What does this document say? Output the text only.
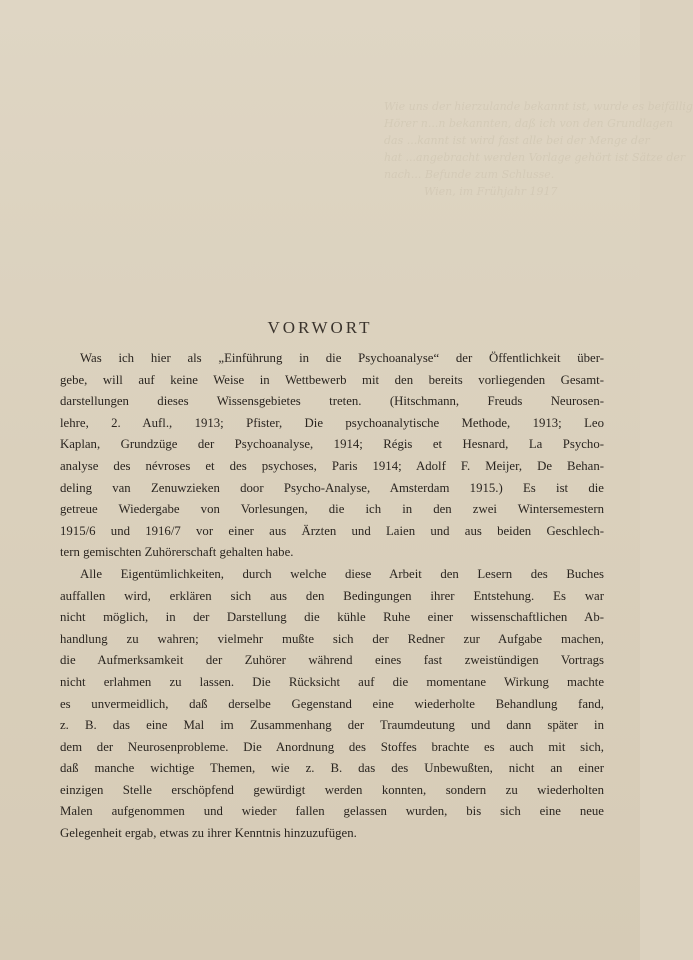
Wie uns der hierzulande bekannt ist, wurde es beifällig
Hörer n...n bekannten, daß ich von den Grundlagen
das ...kannt ist wird fast alle bei der Menge der
hat ...angebracht werden Vorlage gehört ist Sätze der
nach... Befunde zum Schlusse.
Wien, im Frühjahr 1917
VORWORT
Was ich hier als „Einführung in die Psychoanalyse“ der Öffentlichkeit über-
gebe, will auf keine Weise in Wettbewerb mit den bereits vorliegenden Gesamt-
darstellungen dieses Wissensgebietes treten. (Hitschmann, Freuds Neurosen-
lehre, 2. Aufl., 1913; Pfister, Die psychoanalytische Methode, 1913; Leo
Kaplan, Grundzüge der Psychoanalyse, 1914; Régis et Hesnard, La Psycho-
analyse des névroses et des psychoses, Paris 1914; Adolf F. Meijer, De Behan-
deling van Zenuwzieken door Psycho-Analyse, Amsterdam 1915.) Es ist die
getreue Wiedergabe von Vorlesungen, die ich in den zwei Wintersemestern
1915/6 und 1916/7 vor einer aus Ärzten und Laien und aus beiden Geschlech-
tern gemischten Zuhörerschaft gehalten habe.
Alle Eigentümlichkeiten, durch welche diese Arbeit den Lesern des Buches
auffallen wird, erklären sich aus den Bedingungen ihrer Entstehung. Es war
nicht möglich, in der Darstellung die kühle Ruhe einer wissenschaftlichen Ab-
handlung zu wahren; vielmehr mußte sich der Redner zur Aufgabe machen,
die Aufmerksamkeit der Zuhörer während eines fast zweistündigen Vortrags
nicht erlahmen zu lassen. Die Rücksicht auf die momentane Wirkung machte
es unvermeidlich, daß derselbe Gegenstand eine wiederholte Behandlung fand,
z. B. das eine Mal im Zusammenhang der Traumdeutung und dann später in
dem der Neurosenprobleme. Die Anordnung des Stoffes brachte es auch mit sich,
daß manche wichtige Themen, wie z. B. das des Unbewußten, nicht an einer
einzigen Stelle erschöpfend gewürdigt werden konnten, sondern zu wiederholten
Malen aufgenommen und wieder fallen gelassen wurden, bis sich eine neue
Gelegenheit ergab, etwas zu ihrer Kenntnis hinzuzufügen.
